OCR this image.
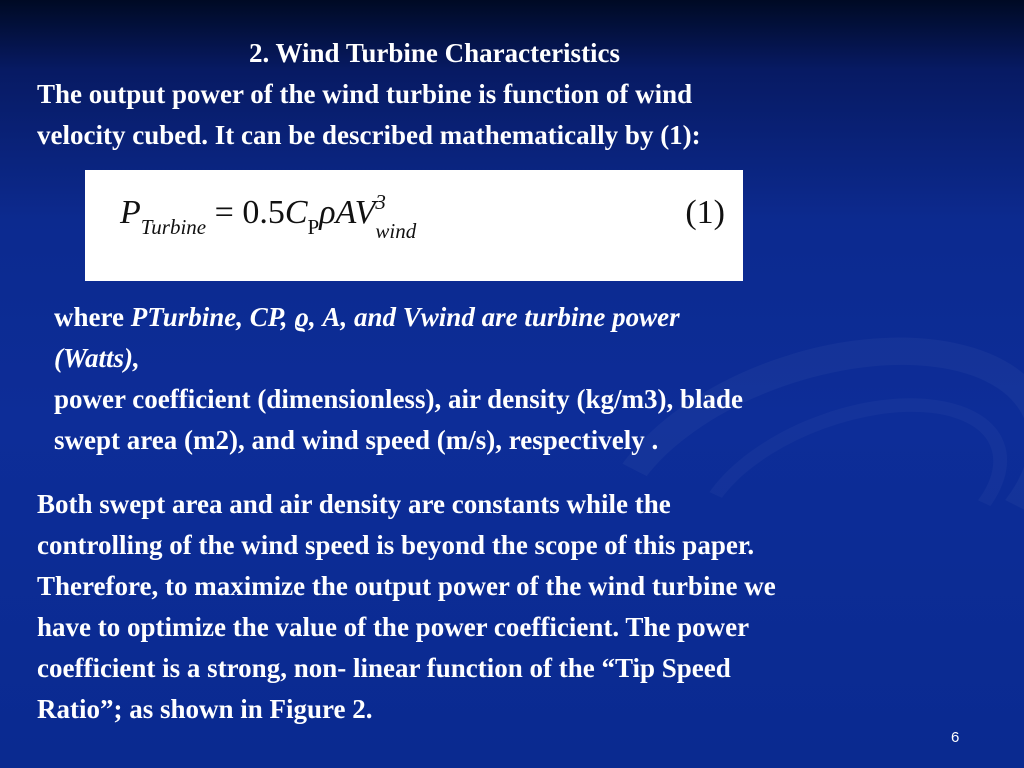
2. Wind Turbine Characteristics
The output power of the wind turbine is function of wind
velocity cubed. It can be described mathematically by (1):
$P_{Turbine} = 0.5C_P\rho AV$ 3
wind	(1)
where PTurbine, CP, ϱ, A, and Vwind are turbine power
(Watts),
power coefficient (dimensionless), air density (kg/m3), blade
swept area (m2), and wind speed (m/s), respectively .
Both swept area and air density are constants while the
controlling of the wind speed is beyond the scope of this paper.
Therefore, to maximize the output power of the wind turbine we
have to optimize the value of the power coefficient. The power
coefficient is a strong, non- linear function of the “Tip Speed
Ratio”; as shown in Figure 2.
6
